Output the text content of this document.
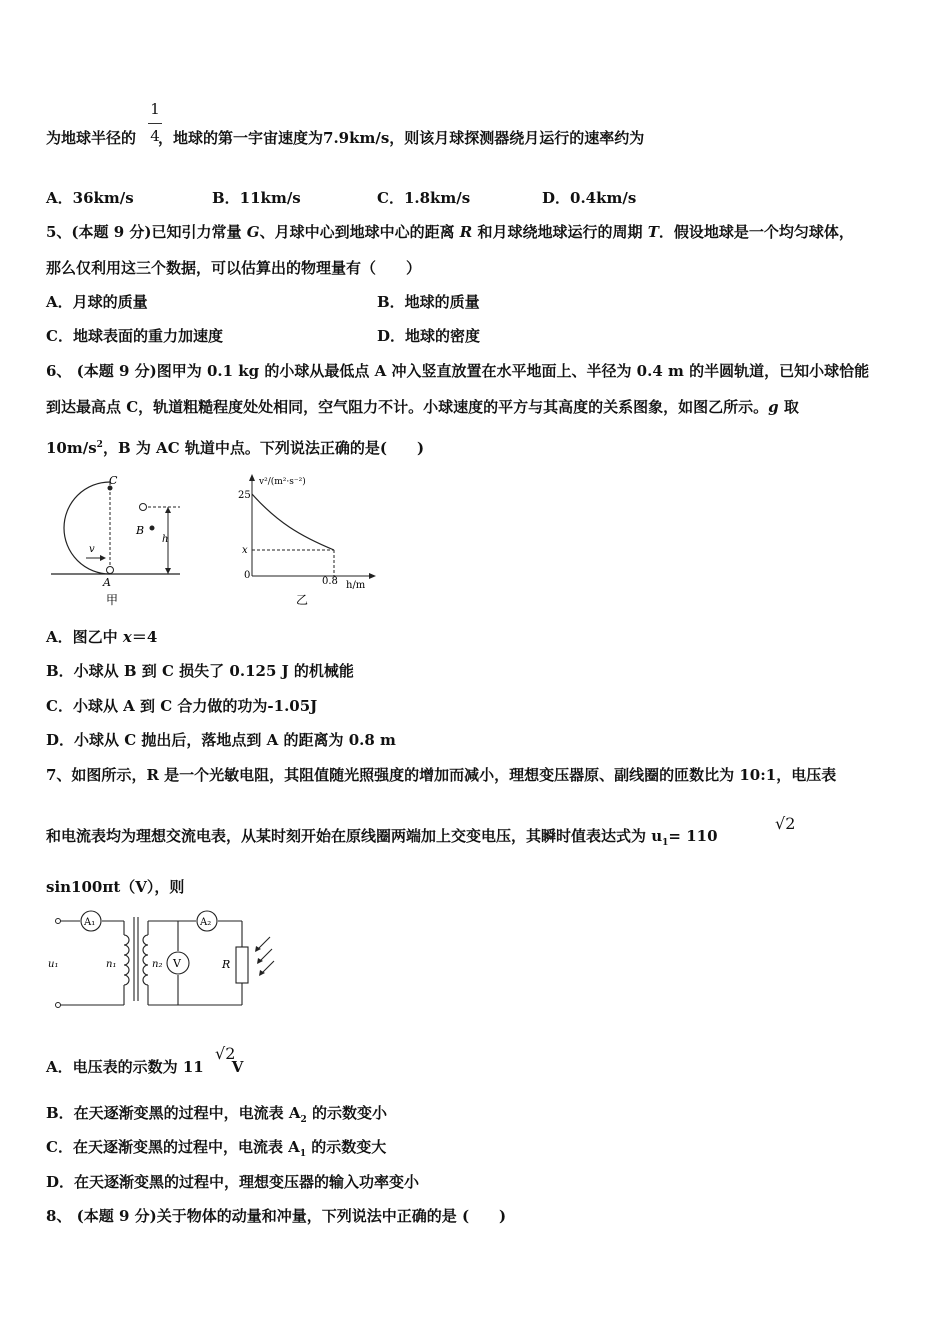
1
4
为地球半径的 ，地球的第一宇宙速度为7.9km/s，则该月球探测器绕月运行的速率约为
A．36km/s	B．11km/s	C．1.8km/s	D．0.4km/s
5、(本题 9 分)已知引力常量 G、月球中心到地球中心的距离 R 和月球绕地球运行的周期 T．假设地球是一个均匀球体，
那么仅利用这三个数据，可以估算出的物理量有（　　）
A．月球的质量	B．地球的质量
C．地球表面的重力加速度	D．地球的密度
6、 (本题 9 分)图甲为 0.1 kg 的小球从最低点 A 冲入竖直放置在水平地面上、半径为 0.4 m 的半圆轨道，已知小球恰能
到达最高点 C，轨道粗糙程度处处相同，空气阻力不计。小球速度的平方与其高度的关系图象，如图乙所示。g 取
$10m/s^2$，B 为 AC 轨道中点。下列说法正确的是(　　)
C
B
A
v
h
甲
v²/(m²·s⁻²)
25
x
0
0.8 h/m
乙
A．图乙中 x＝4
B．小球从 B 到 C 损失了 0.125 J 的机械能
C．小球从 A 到 C 合力做的功为-1.05J
D．小球从 C 抛出后，落地点到 A 的距离为 0.8 m
7、如图所示，R 是一个光敏电阻，其阻值随光照强度的增加而减小，理想变压器原、副线圈的匝数比为 10:1，电压表
和电流表均为理想交流电表，从某时刻开始在原线圈两端加上交变电压，其瞬时值表达式为 $u_1= 110$
√2
sin100πt（V），则
A₁	A₂
V	R
u₁	n₁	n₂
A．电压表的示数为 11 V
√2
B．在天逐渐变黑的过程中，电流表 $A_2$ 的示数变小
C．在天逐渐变黑的过程中，电流表 $A_1$ 的示数变大
D．在天逐渐变黑的过程中，理想变压器的输入功率变小
8、 (本题 9 分)关于物体的动量和冲量，下列说法中正确的是 (　　)
